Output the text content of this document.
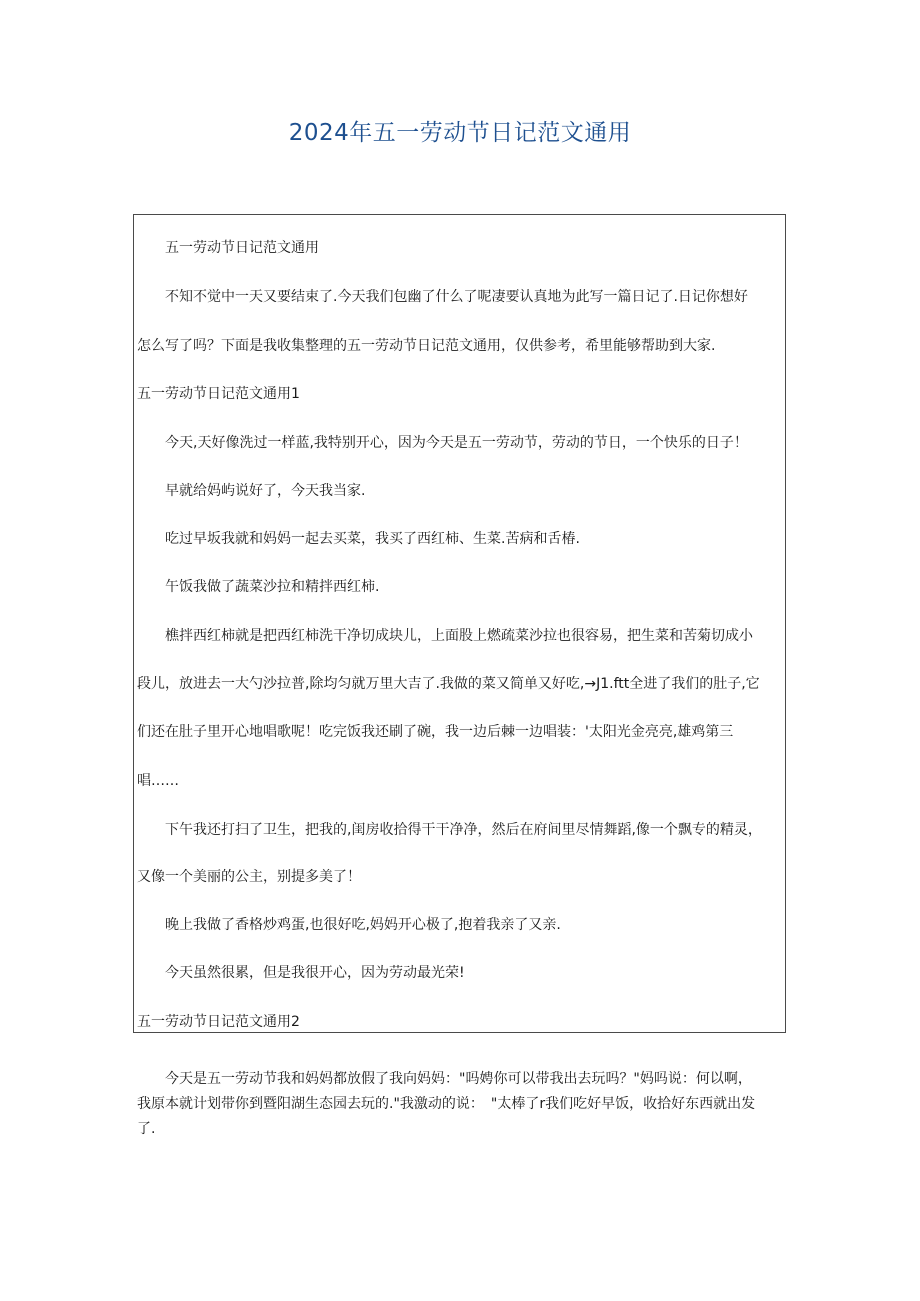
2024年五一劳动节日记范文通用
五一劳动节日记范文通用
不知不觉中一天又要结束了.今天我们包幽了什么了呢凄要认真地为此写一篇日记了.日记你想好
怎么写了吗？下面是我收集整理的五一劳动节日记范文通用，仅供参考，希里能够帮助到大家.
五一劳动节日记范文通用1
今天,天好像洗过一样蓝,我特别开心，因为今天是五一劳动节，劳动的节日，一个快乐的日子！
早就给妈屿说好了，今天我当家.
吃过早坂我就和妈妈一起去买菜，我买了西红柿、生菜.苦病和舌椿.
午饭我做了蔬菜沙拉和精拌西红柿.
樵拌西红柿就是把西红柿洗干净切成块儿，上面股上燃疏菜沙拉也很容易，把生菜和苦菊切成小
段儿，放进去一大勺沙拉普,除均匀就万里大吉了.我做的菜又简单又好吃,→J1.ftt全进了我们的肚子,它
们还在肚子里开心地唱歌呢！吃完饭我还刷了碗，我一边后棘一边唱装：'太阳光金亮亮,雄鸡第三
唱……
下午我还打扫了卫生，把我的,闺房收拾得干干净净，然后在府间里尽情舞蹈,像一个飘专的精灵，
又像一个美丽的公主，别提多美了！
晚上我做了香格炒鸡蛋,也很好吃,妈妈开心极了,抱着我亲了又亲.
今天虽然很累，但是我很开心，因为劳动最光荣!
五一劳动节日记范文通用2
今天是五一劳动节我和妈妈都放假了我向妈妈："吗娉你可以带我出去玩吗？"妈吗说：何以啊，
我原本就计划带你到暨阳湖生态园去玩的."我激动的说：　"太棒了r我们吃好早饭，收拾好东西就出发
了.
